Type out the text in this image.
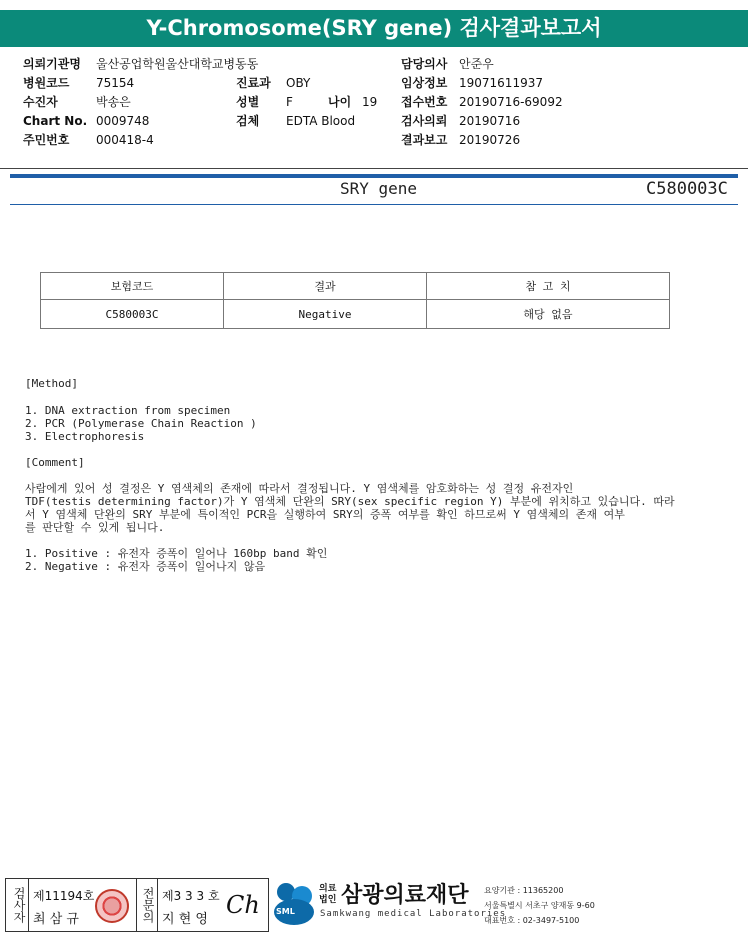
Y-Chromosome(SRY gene) 검사결과보고서
의뢰기관명 울산공업학원울산대학교병동동
병원코드 75154
수진자	박송은
Chart No. 0009748
주민번호 000418-4
진료과 OBY
성별 F	나이 19
검체 EDTA Blood
담당의사 안준우
임상정보 19071611937
접수번호 20190716-69092
검사의뢰 20190716
결과보고 20190726
SRY gene	C580003C
보험코드	결과	참 고 치
C580003C	Negative	해당 없음
[Method]
1. DNA extraction from specimen
2. PCR (Polymerase Chain Reaction )
3. Electrophoresis
[Comment]
사람에게 있어 성 결정은 Y 염색체의 존재에 따라서 결정됩니다. Y 염색체를 암호화하는 성 결정 유전자인
TDF(testis determining factor)가 Y 염색체 단완의 SRY(sex specific region Y) 부분에 위치하고 있습니다. 따라
서 Y 염색체 단완의 SRY 부분에 특이적인 PCR을 실행하여 SRY의 증폭 여부를 확인 하므로써 Y 염색체의 존재 여부
를 판단할 수 있게 됩니다.
1. Positive : 유전자 증폭이 일어나 160bp band 확인
2. Negative : 유전자 증폭이 일어나지 않음
검사자 제11194호
최 삼 규	전문의 제3 3 3 호
지 현 영
Ch SML
의료
법인 삼광의료재단
Samkwang medical Laboratories
요양기관 : 11365200
서울특별시 서초구 양재동 9-60
대표번호 : 02-3497-5100
